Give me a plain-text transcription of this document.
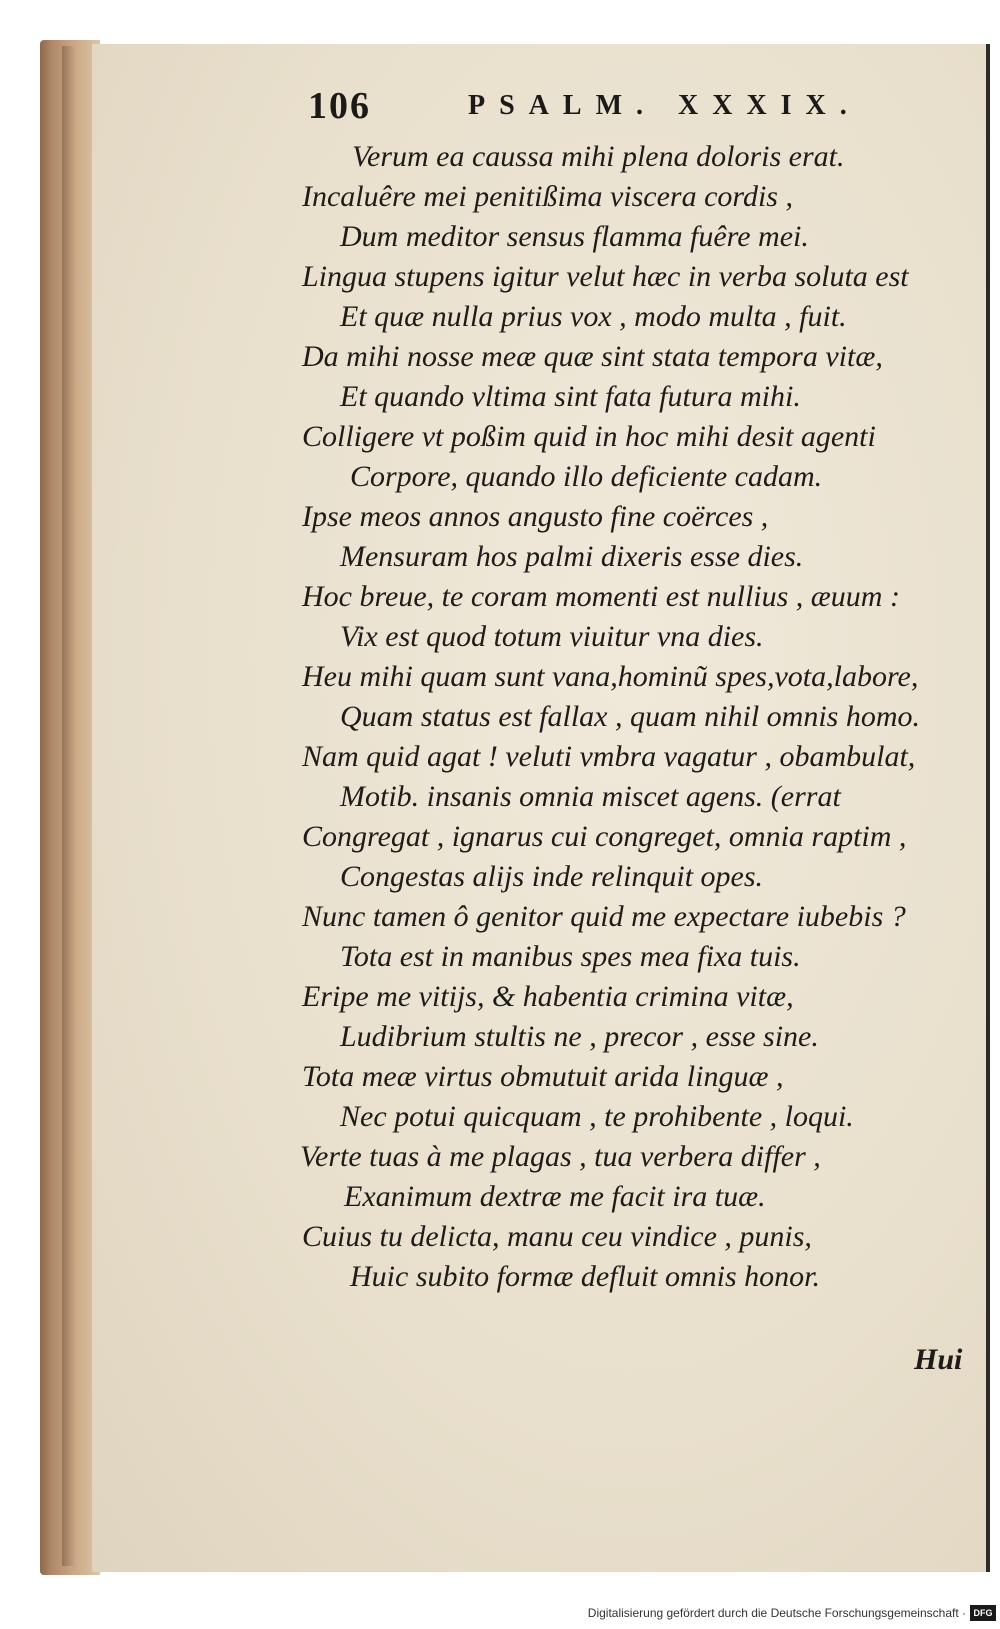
106	PSALM. XXXIX.
Verum ea caussa mihi plena doloris erat.
Incaluêre mei penitißima viscera cordis ,
Dum meditor sensus flamma fuêre mei.
Lingua stupens igitur velut hæc in verba soluta est
Et quæ nulla prius vox , modo multa , fuit.
Da mihi nosse meæ quæ sint stata tempora vitæ,
Et quando vltima sint fata futura mihi.
Colligere vt poßim quid in hoc mihi desit agenti
Corpore, quando illo deficiente cadam.
Ipse meos annos angusto fine coërces ,
Mensuram hos palmi dixeris esse dies.
Hoc breue, te coram momenti est nullius , æuum :
Vix est quod totum viuitur vna dies.
Heu mihi quam sunt vana,hominũ spes,vota,labore,
Quam status est fallax , quam nihil omnis homo.
Nam quid agat ! veluti vmbra vagatur , obambulat,
Motib. insanis omnia miscet agens. (errat
Congregat , ignarus cui congreget, omnia raptim ,
Congestas alijs inde relinquit opes.
Nunc tamen ô genitor quid me expectare iubebis ?
Tota est in manibus spes mea fixa tuis.
Eripe me vitijs, & habentia crimina vitæ,
Ludibrium stultis ne , precor , esse sine.
Tota meæ virtus obmutuit arida linguæ ,
Nec potui quicquam , te prohibente , loqui.
Verte tuas à me plagas , tua verbera differ ,
Exanimum dextræ me facit ira tuæ.
Cuius tu delicta, manu ceu vindice , punis,
Huic subito formæ defluit omnis honor.
Hui
Digitalisierung gefördert durch die Deutsche Forschungsgemeinschaft · DFG
